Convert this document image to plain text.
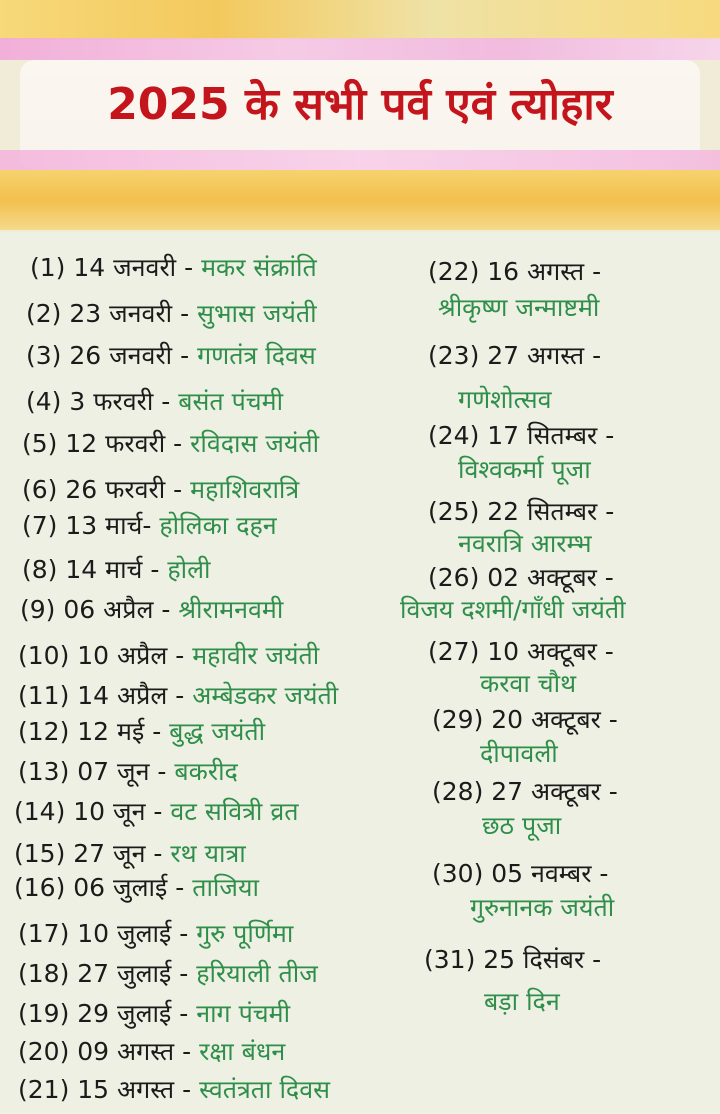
2025 के सभी पर्व एवं त्योहार
(1) 14 जनवरी - मकर संक्रांति
(2) 23 जनवरी - सुभास जयंती
(3) 26 जनवरी - गणतंत्र दिवस
(4) 3 फरवरी - बसंत पंचमी
(5) 12 फरवरी - रविदास जयंती
(6) 26 फरवरी - महाशिवरात्रि
(7) 13 मार्च- होलिका दहन
(8) 14 मार्च - होली
(9) 06 अप्रैल - श्रीरामनवमी
(10) 10 अप्रैल - महावीर जयंती
(11) 14 अप्रैल - अम्बेडकर जयंती
(12) 12 मई - बुद्ध जयंती
(13) 07 जून - बकरीद
(14) 10 जून - वट सवित्री व्रत
(15) 27 जून - रथ यात्रा
(16) 06 जुलाई - ताजिया
(17) 10 जुलाई - गुरु पूर्णिमा
(18) 27 जुलाई - हरियाली तीज
(19) 29 जुलाई - नाग पंचमी
(20) 09 अगस्त - रक्षा बंधन
(21) 15 अगस्त - स्वतंत्रता दिवस
(22) 16 अगस्त -
श्रीकृष्ण जन्माष्टमी
(23) 27 अगस्त -
गणेशोत्सव
(24) 17 सितम्बर -
विश्वकर्मा पूजा
(25) 22 सितम्बर -
नवरात्रि आरम्भ
(26) 02 अक्टूबर -
विजय दशमी/गाँधी जयंती
(27) 10 अक्टूबर -
करवा चौथ
(29) 20 अक्टूबर -
दीपावली
(28) 27 अक्टूबर -
छठ पूजा
(30) 05 नवम्बर -
गुरुनानक जयंती
(31) 25 दिसंबर -
बड़ा दिन
